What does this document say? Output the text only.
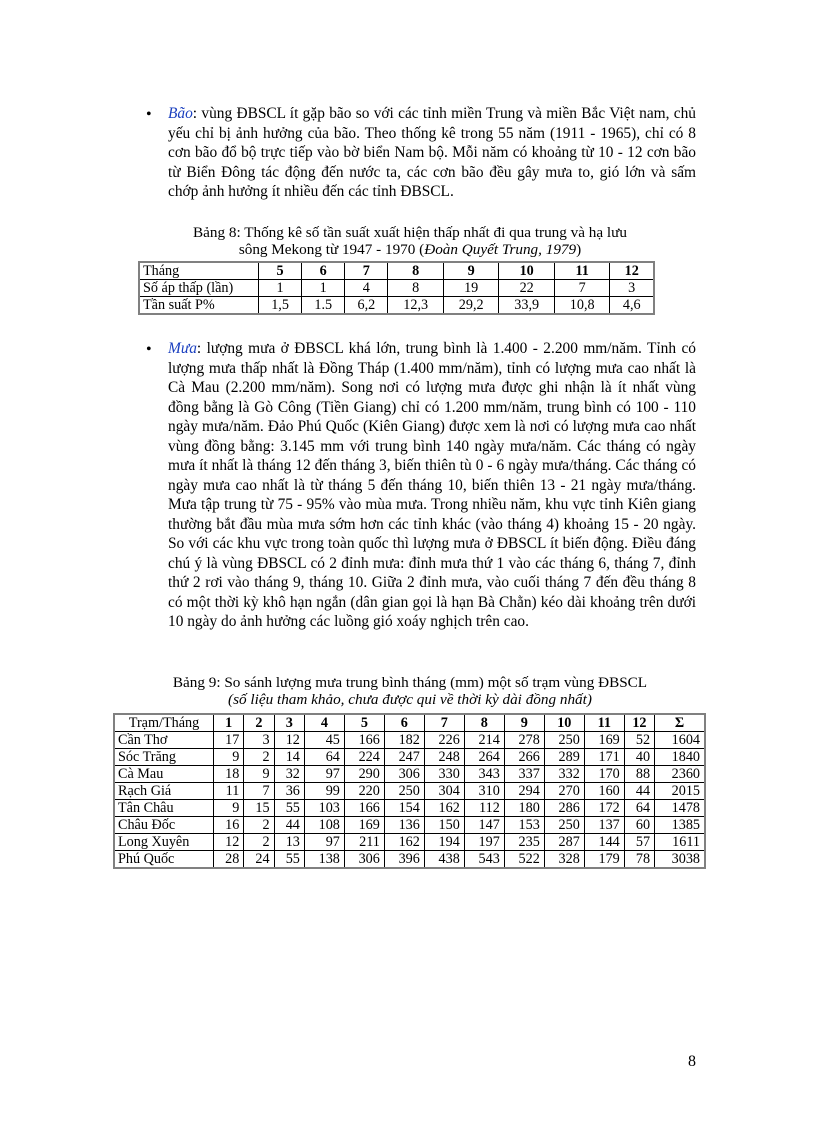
•	Bão: vùng ĐBSCL ít gặp bão so với các tỉnh miền Trung và miền Bắc Việt nam, chủ yếu chỉ bị ảnh hưởng của bão. Theo thống kê trong 55 năm (1911 - 1965), chỉ có 8 cơn bão đổ bộ trực tiếp vào bờ biển Nam bộ. Mỗi năm có khoảng từ 10 - 12 cơn bão từ Biển Đông tác động đến nước ta, các cơn bão đều gây mưa to, gió lớn và sấm chớp ảnh hưởng ít nhiều đến các tỉnh ĐBSCL.

Bảng 8: Thống kê số tần suất xuất hiện thấp nhất đi qua trung và hạ lưu
sông Mekong từ 1947 - 1970 (Đoàn Quyết Trung, 1979)
Tháng	5	6	7	8	9	10	11	12
Số áp thấp (lần)	1	1	4	8	19	22	7	3
Tần suất P%	1,5	1.5	6,2	12,3	29,2	33,9	10,8	4,6
•	Mưa: lượng mưa ở ĐBSCL khá lớn, trung bình là 1.400 - 2.200 mm/năm. Tỉnh có lượng mưa thấp nhất là Đồng Tháp (1.400 mm/năm), tỉnh có lượng mưa cao nhất là Cà Mau (2.200 mm/năm). Song nơi có lượng mưa được ghi nhận là ít nhất vùng đồng bằng là Gò Công (Tiền Giang) chỉ có 1.200 mm/năm, trung bình có 100 - 110 ngày mưa/năm. Đảo Phú Quốc (Kiên Giang) được xem là nơi có lượng mưa cao nhất vùng đồng bằng: 3.145 mm với trung bình 140 ngày mưa/năm. Các tháng có ngày mưa ít nhất là tháng 12 đến tháng 3, biến thiên tù 0 - 6 ngày mưa/tháng. Các tháng có ngày mưa cao nhất là từ tháng 5 đến tháng 10, biến thiên 13 - 21 ngày mưa/tháng. Mưa tập trung từ 75 - 95% vào mùa mưa. Trong nhiều năm, khu vực tỉnh Kiên giang thường bắt đầu mùa mưa sớm hơn các tỉnh khác (vào tháng 4) khoảng 15 - 20 ngày. So với các khu vực trong toàn quốc thì lượng mưa ở ĐBSCL ít biến động. Điều đáng chú ý là vùng ĐBSCL có 2 đỉnh mưa: đỉnh mưa thứ 1 vào các tháng 6, tháng 7, đỉnh thứ 2 rơi vào tháng 9, tháng 10. Giữa 2 đỉnh mưa, vào cuối tháng 7 đến đều tháng 8 có một thời kỳ khô hạn ngắn (dân gian gọi là hạn Bà Chằn) kéo dài khoảng trên dưới 10 ngày do ảnh hưởng các luồng gió xoáy nghịch trên cao.

Bảng 9: So sánh lượng mưa trung bình tháng (mm) một số trạm vùng ĐBSCL
(số liệu tham khảo, chưa được qui về thời kỳ dài đồng nhất)
Trạm/Tháng	1	2	3	4	5	6	7	8	9	10	11	12	Σ
Cần Thơ	17	3	12	45	166	182	226	214	278	250	169	52	1604
Sóc Trăng	9	2	14	64	224	247	248	264	266	289	171	40	1840
Cà Mau	18	9	32	97	290	306	330	343	337	332	170	88	2360
Rạch Giá	11	7	36	99	220	250	304	310	294	270	160	44	2015
Tân Châu	9	15	55	103	166	154	162	112	180	286	172	64	1478
Châu Đốc	16	2	44	108	169	136	150	147	153	250	137	60	1385
Long Xuyên	12	2	13	97	211	162	194	197	235	287	144	57	1611
Phú Quốc	28	24	55	138	306	396	438	543	522	328	179	78	3038
8
